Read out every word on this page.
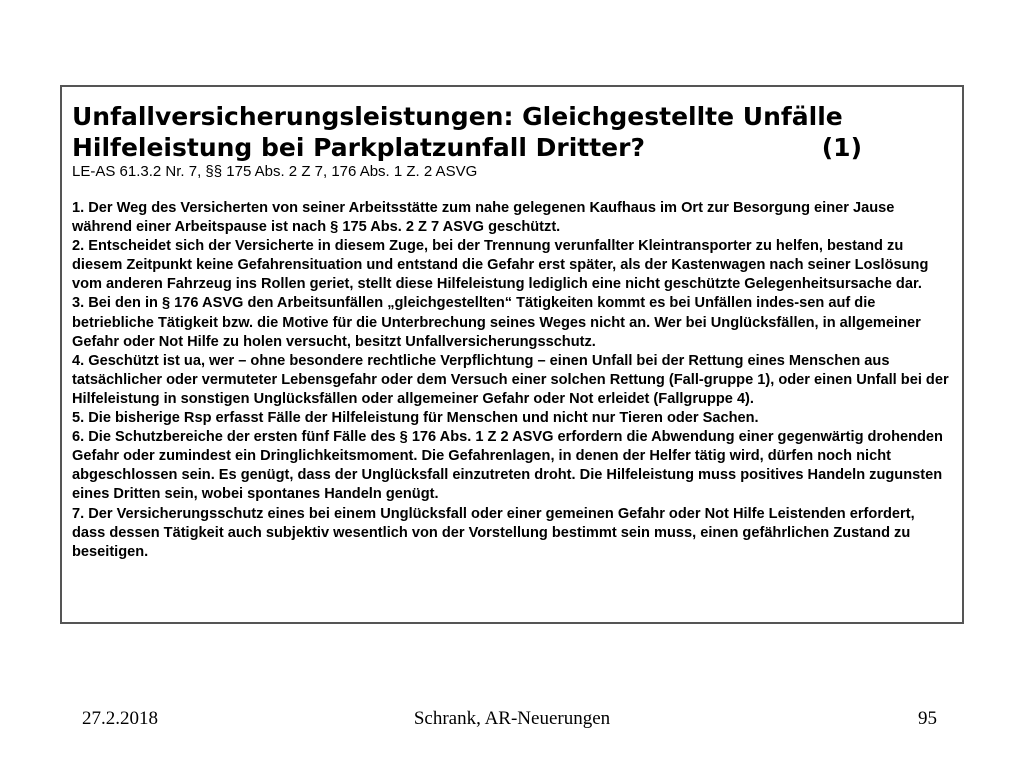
Unfallversicherungsleistungen: Gleichgestellte Unfälle
Hilfeleistung bei Parkplatzunfall Dritter?	(1)

LE-AS 61.3.2 Nr. 7, §§ 175 Abs. 2 Z 7, 176 Abs. 1 Z. 2 ASVG

1. Der Weg des Versicherten von seiner Arbeitsstätte zum nahe gelegenen Kaufhaus im Ort zur Besorgung einer Jause während einer Arbeitspause ist nach § 175 Abs. 2 Z 7 ASVG geschützt.

2. Entscheidet sich der Versicherte in diesem Zuge, bei der Trennung verunfallter Kleintransporter zu helfen, bestand zu diesem Zeitpunkt keine Gefahrensituation und entstand die Gefahr erst später, als der Kastenwagen nach seiner Loslösung vom anderen Fahrzeug ins Rollen geriet, stellt diese Hilfeleistung lediglich eine nicht geschützte Gelegenheitsursache dar.

3. Bei den in § 176 ASVG den Arbeitsunfällen „gleichgestellten“ Tätigkeiten kommt es bei Unfällen indes-sen auf die betriebliche Tätigkeit bzw. die Motive für die Unterbrechung seines Weges nicht an. Wer bei Unglücksfällen, in allgemeiner Gefahr oder Not Hilfe zu holen versucht, besitzt Unfallversicherungsschutz.

4. Geschützt ist ua, wer – ohne besondere rechtliche Verpflichtung – einen Unfall bei der Rettung eines Menschen aus tatsächlicher oder vermuteter Lebensgefahr oder dem Versuch einer solchen Rettung (Fall-gruppe 1), oder einen Unfall bei der Hilfeleistung in sonstigen Unglücksfällen oder allgemeiner Gefahr oder Not erleidet (Fallgruppe 4).

5. Die bisherige Rsp erfasst Fälle der Hilfeleistung für Menschen und nicht nur Tieren oder Sachen.

6. Die Schutzbereiche der ersten fünf Fälle des § 176 Abs. 1 Z 2 ASVG erfordern die Abwendung einer gegenwärtig drohenden Gefahr oder zumindest ein Dringlichkeitsmoment. Die Gefahrenlagen, in denen der Helfer tätig wird, dürfen noch nicht abgeschlossen sein. Es genügt, dass der Unglücksfall einzutreten droht. Die Hilfeleistung muss positives Handeln zugunsten eines Dritten sein, wobei spontanes Handeln genügt.

7. Der Versicherungsschutz eines bei einem Unglücksfall oder einer gemeinen Gefahr oder Not Hilfe Leistenden erfordert, dass dessen Tätigkeit auch subjektiv wesentlich von der Vorstellung bestimmt sein muss, einen gefährlichen Zustand zu beseitigen.

27.2.2018	Schrank, AR-Neuerungen	95
